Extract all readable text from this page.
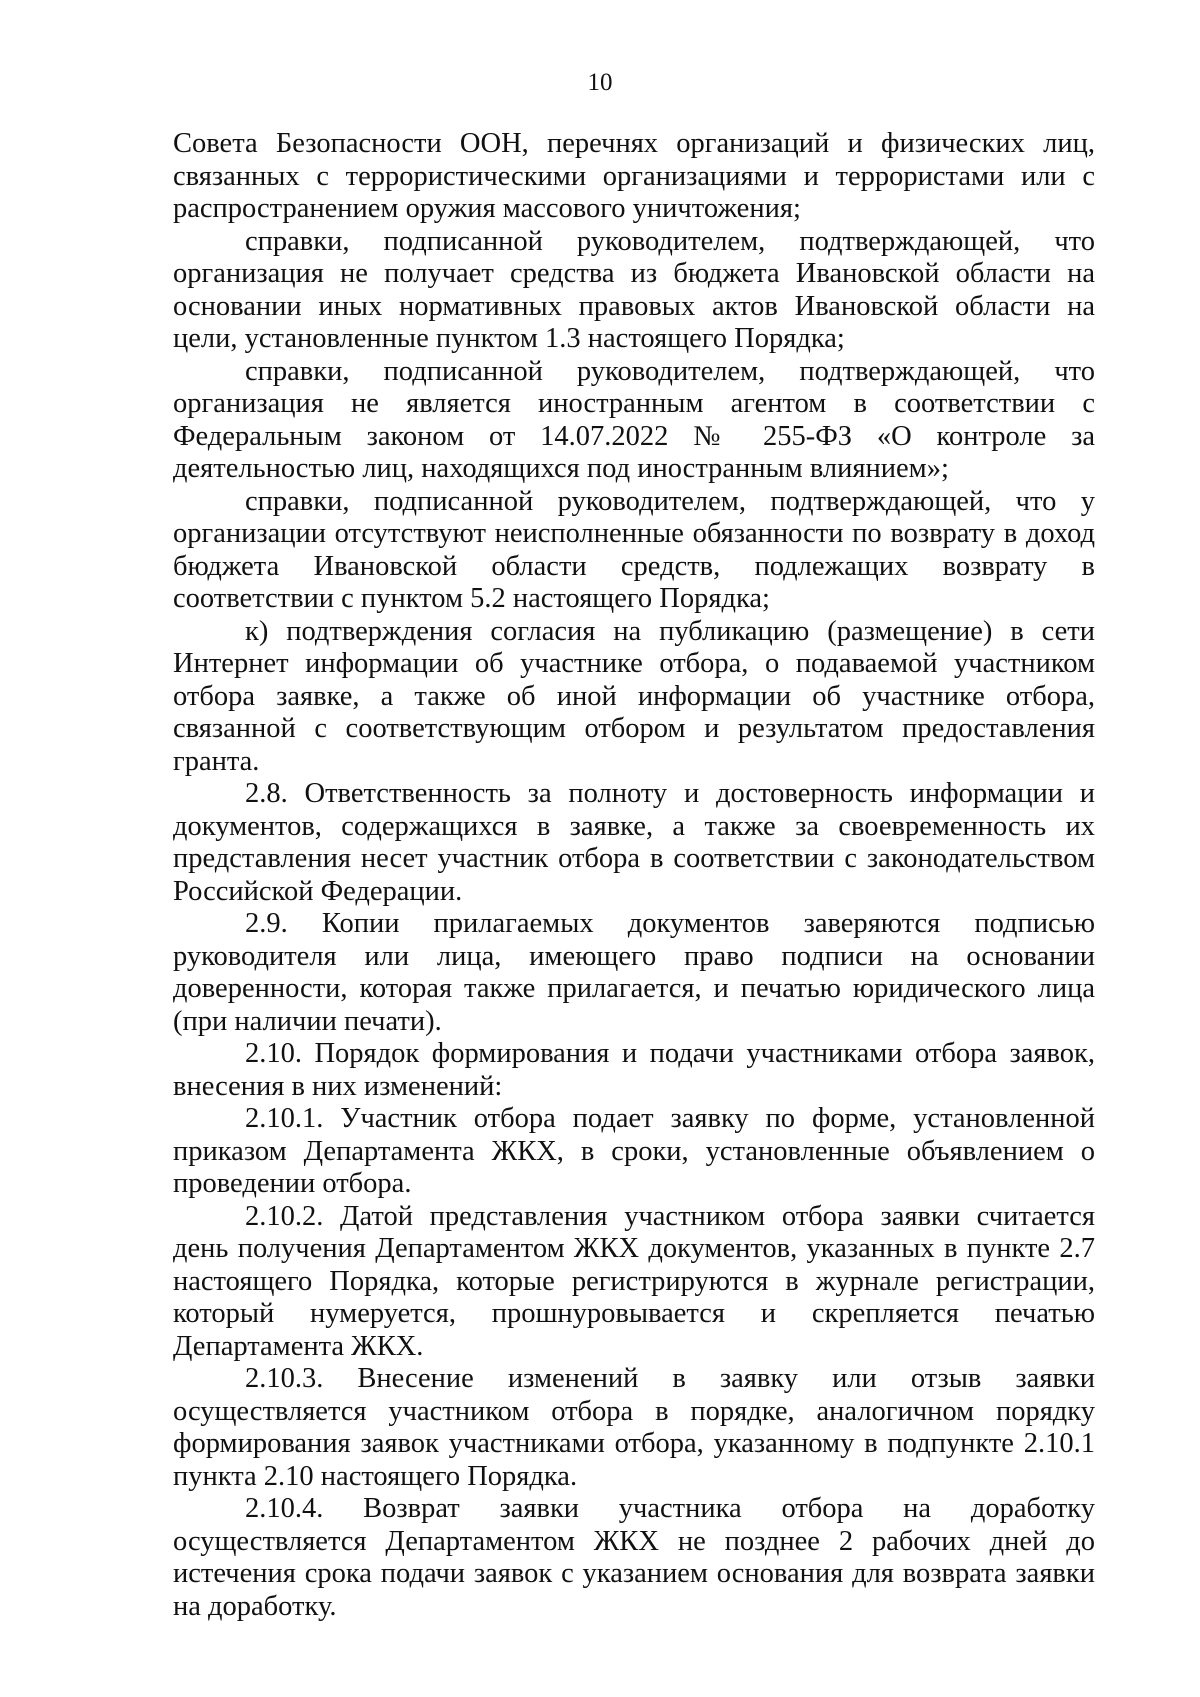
10

Совета Безопасности ООН, перечнях организаций и физических лиц, связанных с террористическими организациями и террористами или с распространением оружия массового уничтожения;

справки, подписанной руководителем, подтверждающей, что организация не получает средства из бюджета Ивановской области на основании иных нормативных правовых актов Ивановской области на цели, установленные пунктом 1.3 настоящего Порядка;

справки, подписанной руководителем, подтверждающей, что организация не является иностранным агентом в соответствии с Федеральным законом от 14.07.2022 № 255-ФЗ «О контроле за деятельностью лиц, находящихся под иностранным влиянием»;

справки, подписанной руководителем, подтверждающей, что у организации отсутствуют неисполненные обязанности по возврату в доход бюджета Ивановской области средств, подлежащих возврату в соответствии с пунктом 5.2 настоящего Порядка;

к) подтверждения согласия на публикацию (размещение) в сети Интернет информации об участнике отбора, о подаваемой участником отбора заявке, а также об иной информации об участнике отбора, связанной с соответствующим отбором и результатом предоставления гранта.

2.8. Ответственность за полноту и достоверность информации и документов, содержащихся в заявке, а также за своевременность их представления несет участник отбора в соответствии с законодательством Российской Федерации.

2.9. Копии прилагаемых документов заверяются подписью руководителя или лица, имеющего право подписи на основании доверенности, которая также прилагается, и печатью юридического лица (при наличии печати).

2.10. Порядок формирования и подачи участниками отбора заявок, внесения в них изменений:

2.10.1. Участник отбора подает заявку по форме, установленной приказом Департамента ЖКХ, в сроки, установленные объявлением о проведении отбора.

2.10.2. Датой представления участником отбора заявки считается день получения Департаментом ЖКХ документов, указанных в пункте 2.7 настоящего Порядка, которые регистрируются в журнале регистрации, который нумеруется, прошнуровывается и скрепляется печатью Департамента ЖКХ.

2.10.3. Внесение изменений в заявку или отзыв заявки осуществляется участником отбора в порядке, аналогичном порядку формирования заявок участниками отбора, указанному в подпункте 2.10.1 пункта 2.10 настоящего Порядка.

2.10.4. Возврат заявки участника отбора на доработку осуществляется Департаментом ЖКХ не позднее 2 рабочих дней до истечения срока подачи заявок с указанием основания для возврата заявки на доработку.
